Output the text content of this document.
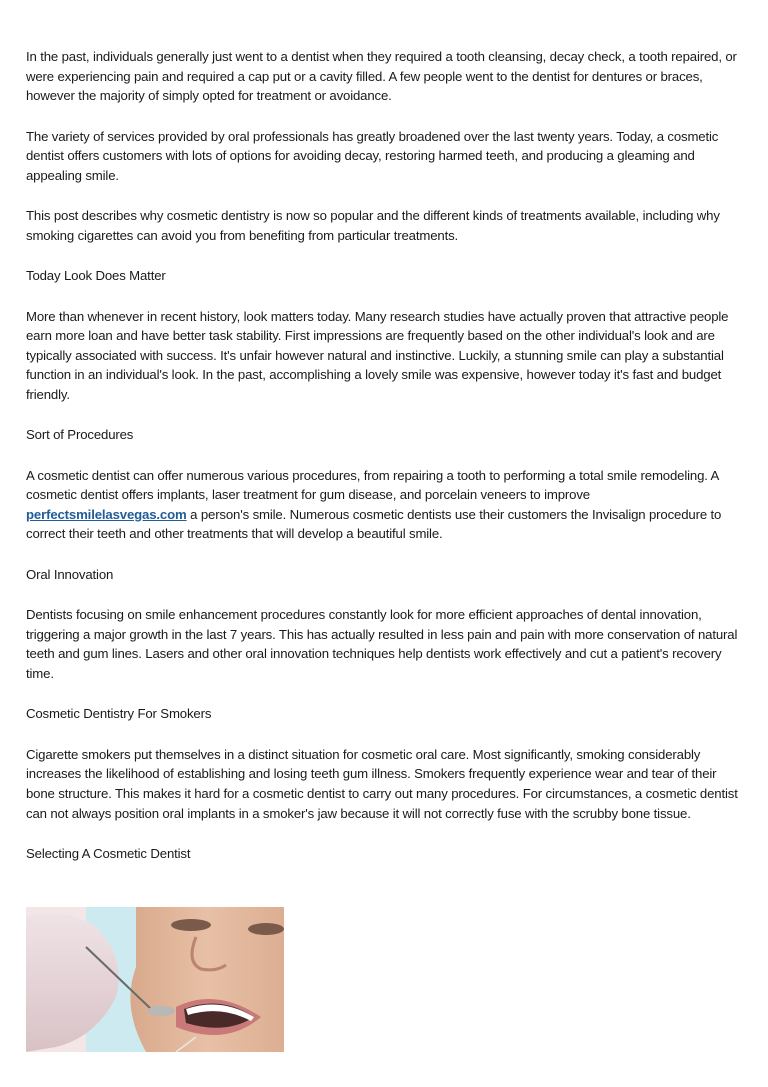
In the past, individuals generally just went to a dentist when they required a tooth cleansing, decay check, a tooth repaired, or were experiencing pain and required a cap put or a cavity filled. A few people went to the dentist for dentures or braces, however the majority of simply opted for treatment or avoidance.

The variety of services provided by oral professionals has greatly broadened over the last twenty years. Today, a cosmetic dentist offers customers with lots of options for avoiding decay, restoring harmed teeth, and producing a gleaming and appealing smile.

This post describes why cosmetic dentistry is now so popular and the different kinds of treatments available, including why smoking cigarettes can avoid you from benefiting from particular treatments.

Today Look Does Matter

More than whenever in recent history, look matters today. Many research studies have actually proven that attractive people earn more loan and have better task stability. First impressions are frequently based on the other individual's look and are typically associated with success. It's unfair however natural and instinctive. Luckily, a stunning smile can play a substantial function in an individual's look. In the past, accomplishing a lovely smile was expensive, however today it's fast and budget friendly.

Sort of Procedures

A cosmetic dentist can offer numerous various procedures, from repairing a tooth to performing a total smile remodeling. A cosmetic dentist offers implants, laser treatment for gum disease, and porcelain veneers to improve perfectsmilelasvegas.com a person's smile. Numerous cosmetic dentists use their customers the Invisalign procedure to correct their teeth and other treatments that will develop a beautiful smile.

Oral Innovation

Dentists focusing on smile enhancement procedures constantly look for more efficient approaches of dental innovation, triggering a major growth in the last 7 years. This has actually resulted in less pain and pain with more conservation of natural teeth and gum lines. Lasers and other oral innovation techniques help dentists work effectively and cut a patient's recovery time.

Cosmetic Dentistry For Smokers

Cigarette smokers put themselves in a distinct situation for cosmetic oral care. Most significantly, smoking considerably increases the likelihood of establishing and losing teeth gum illness. Smokers frequently experience wear and tear of their bone structure. This makes it hard for a cosmetic dentist to carry out many procedures. For circumstances, a cosmetic dentist can not always position oral implants in a smoker's jaw because it will not correctly fuse with the scrubby bone tissue.

Selecting A Cosmetic Dentist
